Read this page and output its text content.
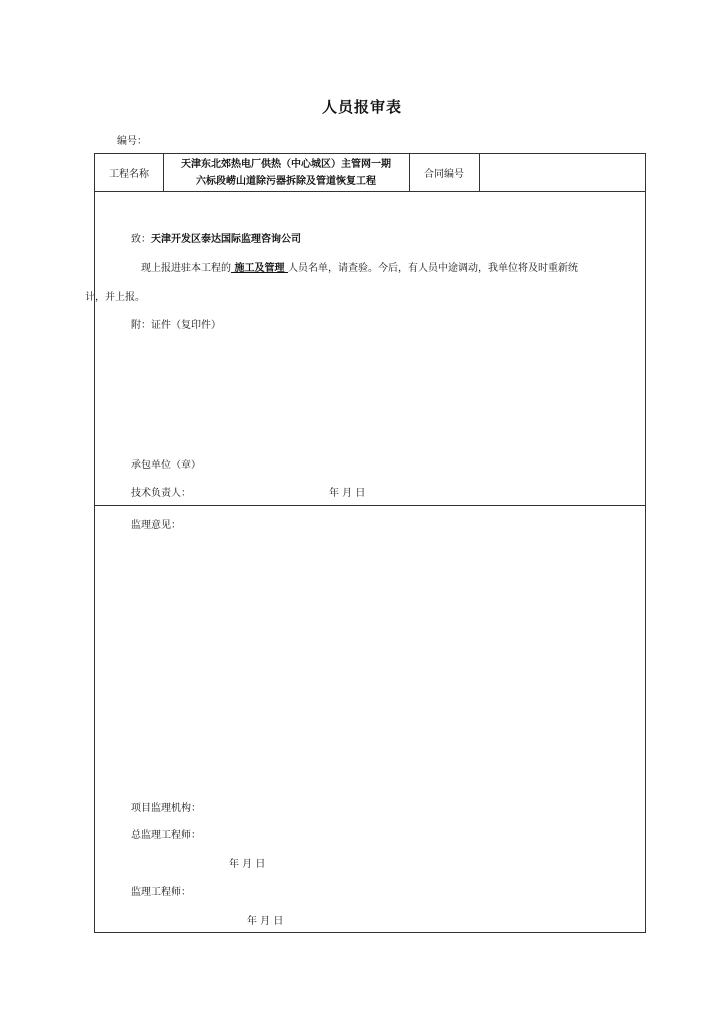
人员报审表
编号：
工程名称
天津东北郊热电厂供热（中心城区）主管网一期
六标段崂山道除污器拆除及管道恢复工程
合同编号
致：天津开发区泰达国际监理咨询公司
现上报进驻本工程的 施工及管理 人员名单，请查验。今后，有人员中途调动，我单位将及时重新统
计，并上报。
附：证件（复印件）
承包单位（章）
技术负责人：	年 月 日
监理意见：
项目监理机构：
总监理工程师：
年 月 日
监理工程师：
年 月 日
